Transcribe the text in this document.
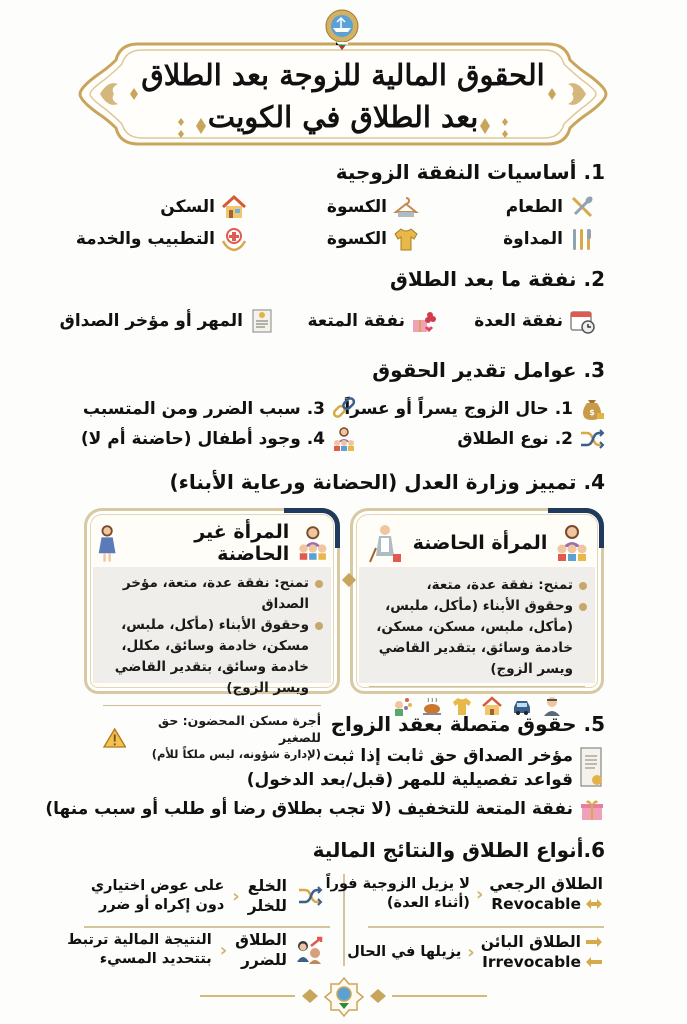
الحقوق المالية للزوجة بعد الطلاق
بعد الطلاق في الكويت
1. أساسيات النفقة الزوجية
الطعام
الكسوة
السكن
المداوة
الكسوة
التطبيب والخدمة
2. نفقة ما بعد الطلاق
نفقة العدة
نفقة المتعة
المهر أو مؤخر الصداق
3. عوامل تقدير الحقوق
$
1. حال الزوج يسراً أو عسراً
3. سبب الضرر ومن المتسبب
2. نوع الطلاق
4. وجود أطفال (حاضنة أم لا)
4. تمييز وزارة العدل (الحضانة ورعاية الأبناء)
المرأة الحاضنة
تمنح: نفقة عدة، متعة،
وحقوق الأبناء (مأكل، ملبس، (مأكل، ملبس، مسكن، مسكن، خادمة وسائق، بتقدير القاضي ويسر الزوج)
المرأة غير الحاضنة
تمنح: نفقة عدة، متعة، مؤخر الصداق
وحقوق الأبناء (مأكل، ملبس، مسكن، خادمة وسائق، مكلل، خادمة وسائق، بتقدير القاضي ويسر الزوج)
أجرة مسكن المحضون: حق للصغير
(لإدارة شؤونه، ليس ملكاً للأم)
5. حقوق متصلة بعقد الزواج
مؤخر الصداق حق ثابت إذا ثبت
قواعد تفصيلية للمهر (قبل/بعد الدخول)
نفقة المتعة للتخفيف (لا تجب بطلاق رضا أو طلب أو سبب منها)
6.أنواع الطلاق والنتائج المالية
الطلاق الرجعي
Revocable
‹
لا يزيل الزوجية فوراً
(أثناء العدة)
الطلاق البائن
Irrevocable
‹
يزيلها في الحال
الخلع
للخلر
‹
على عوض اختياري
دون إكراه أو ضرر
الطلاق
للضرر
‹
النتيجة المالية ترتبط
بتتحديد المسيء
